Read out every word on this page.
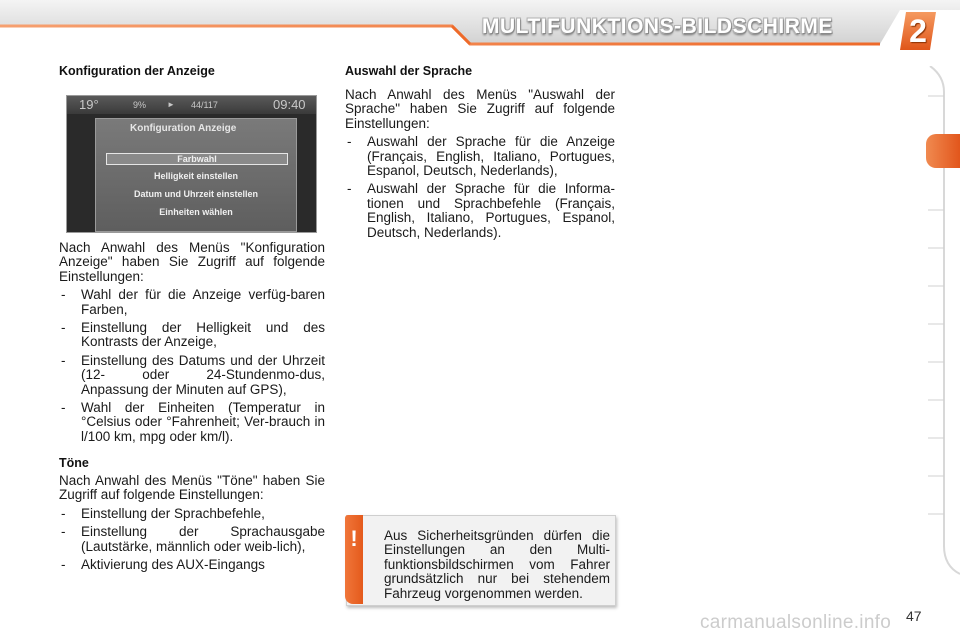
MULTIFUNKTIONS-BILDSCHIRME	2
Konfiguration der Anzeige
19°	9%	► 44/117	09:40
Konfiguration Anzeige
Farbwahl
Helligkeit einstellen
Datum und Uhrzeit einstellen
Einheiten wählen

Nach Anwahl des Menüs "Konfiguration Anzeige" haben Sie Zugriff auf folgende Einstellungen:

- Wahl der für die Anzeige verfüg-baren Farben,
- Einstellung der Helligkeit und des Kontrasts der Anzeige,
- Einstellung des Datums und der Uhrzeit (12- oder 24-Stundenmo-dus, Anpassung der Minuten auf GPS),
- Wahl der Einheiten (Temperatur in °Celsius oder °Fahrenheit; Ver-brauch in l/100 km, mpg oder km/l).
Töne

Nach Anwahl des Menüs "Töne" haben Sie Zugriff auf folgende Einstellungen:

- Einstellung der Sprachbefehle,
- Einstellung der Sprachausgabe (Lautstärke, männlich oder weib-lich),
- Aktivierung des AUX-Eingangs
Auswahl der Sprache

Nach Anwahl des Menüs "Auswahl der Sprache" haben Sie Zugriff auf folgende Einstellungen:

- Auswahl der Sprache für die Anzeige (Français, English, Italiano, Portugues, Espanol, Deutsch, Nederlands),
- Auswahl der Sprache für die Informa-tionen und Sprachbefehle (Français, English, Italiano, Portugues, Espanol, Deutsch, Nederlands).
!	Aus Sicherheitsgründen dürfen die Einstellungen an den Multi-funktionsbildschirmen vom Fahrer grundsätzlich nur bei stehendem Fahrzeug vorgenommen werden.
carmanualsonline.info 47
